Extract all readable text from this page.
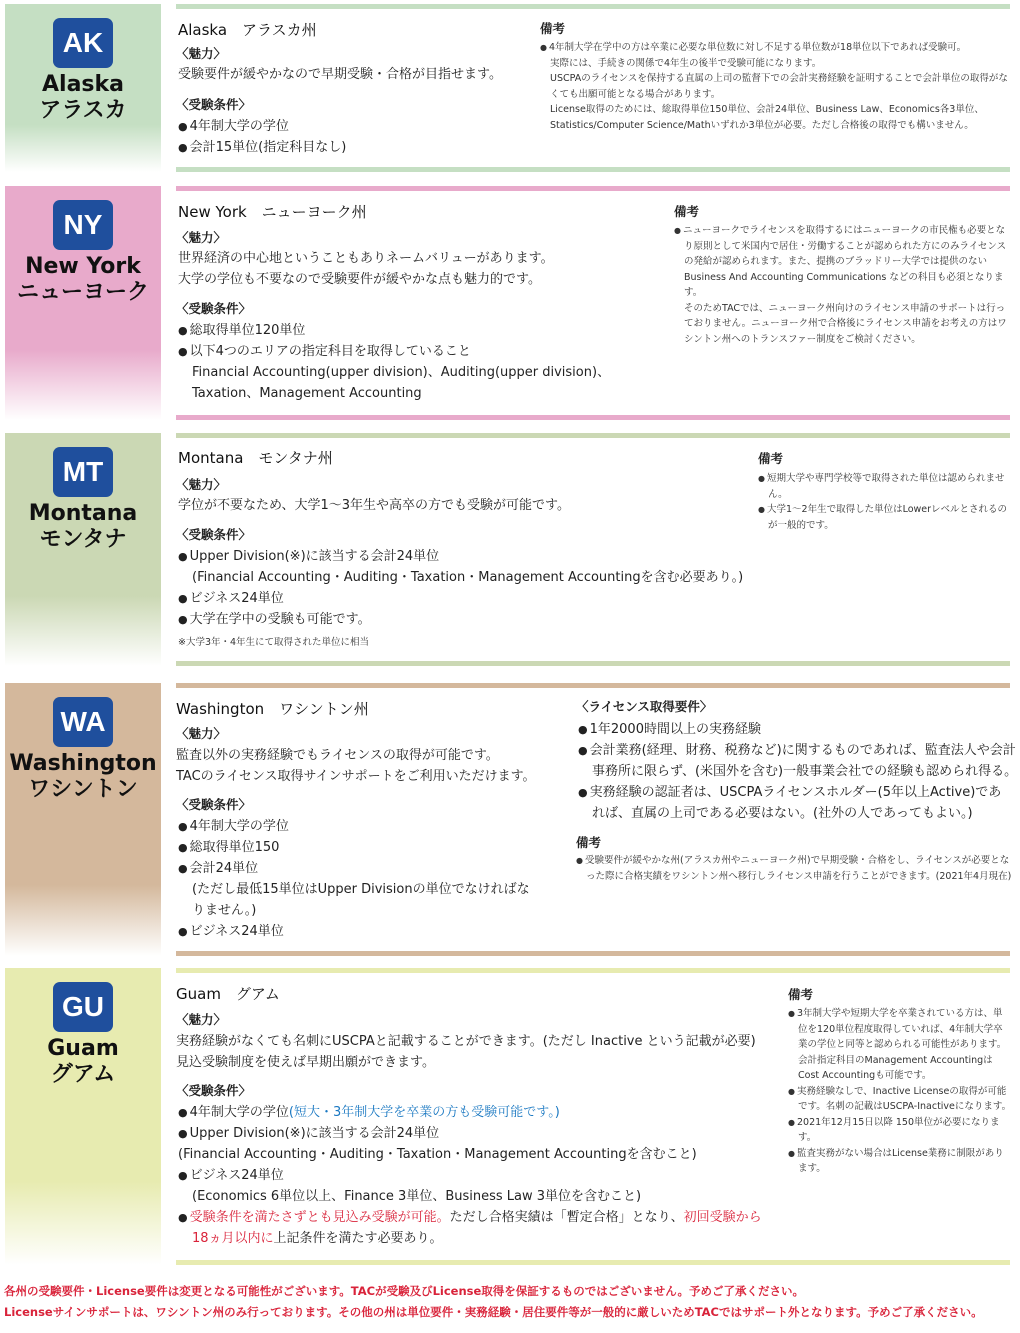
AK
Alaska
アラスカ
Alaska　アラスカ州
〈魅力〉
受験要件が緩やかなので早期受験・合格が目指せます。
〈受験条件〉
● 4年制大学の学位
● 会計15単位(指定科目なし)
備考
● 4年制大学在学中の方は卒業に必要な単位数に対し不足する単位数が18単位以下であれば受験可。
実際には、手続きの関係で4年生の後半で受験可能になります。
USCPAのライセンスを保持する直属の上司の監督下での会計実務経験を証明することで会計単位の取得がなくても出願可能となる場合があります。
License取得のためには、総取得単位150単位、会計24単位、Business Law、Economics各3単位、Statistics/Computer Science/Mathいずれか3単位が必要。ただし合格後の取得でも構いません。
NY
New York
ニューヨーク
New York　ニューヨーク州
〈魅力〉
世界経済の中心地ということもありネームバリューがあります。
大学の学位も不要なので受験要件が緩やかな点も魅力的です。
〈受験条件〉
● 総取得単位120単位
● 以下4つのエリアの指定科目を取得していること
Financial Accounting(upper division)、Auditing(upper division)、
Taxation、Management Accounting
備考
● ニューヨークでライセンスを取得するにはニューヨークの市民権も必要となり原則として米国内で居住・労働することが認められた方にのみライセンスの発給が認められます。また、提携のブラッドリー大学では提供のないBusiness And Accounting Communications などの科目も必須となります。
そのためTACでは、ニューヨーク州向けのライセンス申請のサポートは行っておりません。ニューヨーク州で合格後にライセンス申請をお考えの方はワシントン州へのトランスファー制度をご検討ください。
MT
Montana
モンタナ
Montana　モンタナ州
〈魅力〉
学位が不要なため、大学1～3年生や高卒の方でも受験が可能です。
〈受験条件〉
● Upper Division(※)に該当する会計24単位
(Financial Accounting・Auditing・Taxation・Management Accountingを含む必要あり。)
● ビジネス24単位
● 大学在学中の受験も可能です。
※大学3年・4年生にて取得された単位に相当
備考
● 短期大学や専門学校等で取得された単位は認められません。
● 大学1～2年生で取得した単位はLowerレベルとされるのが一般的です。
WA
Washington
ワシントン
Washington　ワシントン州
〈魅力〉
監査以外の実務経験でもライセンスの取得が可能です。
TACのライセンス取得サインサポートをご利用いただけます。
〈受験条件〉
● 4年制大学の学位
● 総取得単位150
● 会計24単位
(ただし最低15単位はUpper Divisionの単位でなければな
りません。)
● ビジネス24単位
〈ライセンス取得要件〉
● 1年2000時間以上の実務経験
● 会計業務(経理、財務、税務など)に関するものであれば、監査法人や会計
事務所に限らず、(米国外を含む)一般事業会社での経験も認められ得る。
● 実務経験の認証者は、USCPAライセンスホルダー(5年以上Active)であ
れば、直属の上司である必要はない。(社外の人であってもよい。)
備考
● 受験要件が緩やかな州(アラスカ州やニューヨーク州)で早期受験・合格をし、ライセンスが必要となった際に合格実績をワシントン州へ移行しライセンス申請を行うことができます。(2021年4月現在)
GU
Guam
グアム
Guam　グアム
〈魅力〉
実務経験がなくても名刺にUSCPAと記載することができます。(ただし Inactive という記載が必要)
見込受験制度を使えば早期出願ができます。
〈受験条件〉
● 4年制大学の学位(短大・3年制大学を卒業の方も受験可能です。)
● Upper Division(※)に該当する会計24単位
(Financial Accounting・Auditing・Taxation・Management Accountingを含むこと)
● ビジネス24単位
(Economics 6単位以上、Finance 3単位、Business Law 3単位を含むこと)
● 受験条件を満たさずとも見込み受験が可能。ただし合格実績は「暫定合格」となり、初回受験から
18ヵ月以内に上記条件を満たす必要あり。
備考
● 3年制大学や短期大学を卒業されている方は、単位を120単位程度取得していれば、4年制大学卒業の学位と同等と認められる可能性があります。会計指定科目のManagement AccountingはCost Accountingも可能です。
● 実務経験なしで、Inactive Licenseの取得が可能です。名刺の記載はUSCPA-Inactiveになります。
● 2021年12月15日以降 150単位が必要になります。
● 監査実務がない場合はLicense業務に制限があります。
各州の受験要件・License要件は変更となる可能性がございます。TACが受験及びLicense取得を保証するものではございません。予めご了承ください。
Licenseサインサポートは、ワシントン州のみ行っております。その他の州は単位要件・実務経験・居住要件等が一般的に厳しいためTACではサポート外となります。予めご了承ください。
